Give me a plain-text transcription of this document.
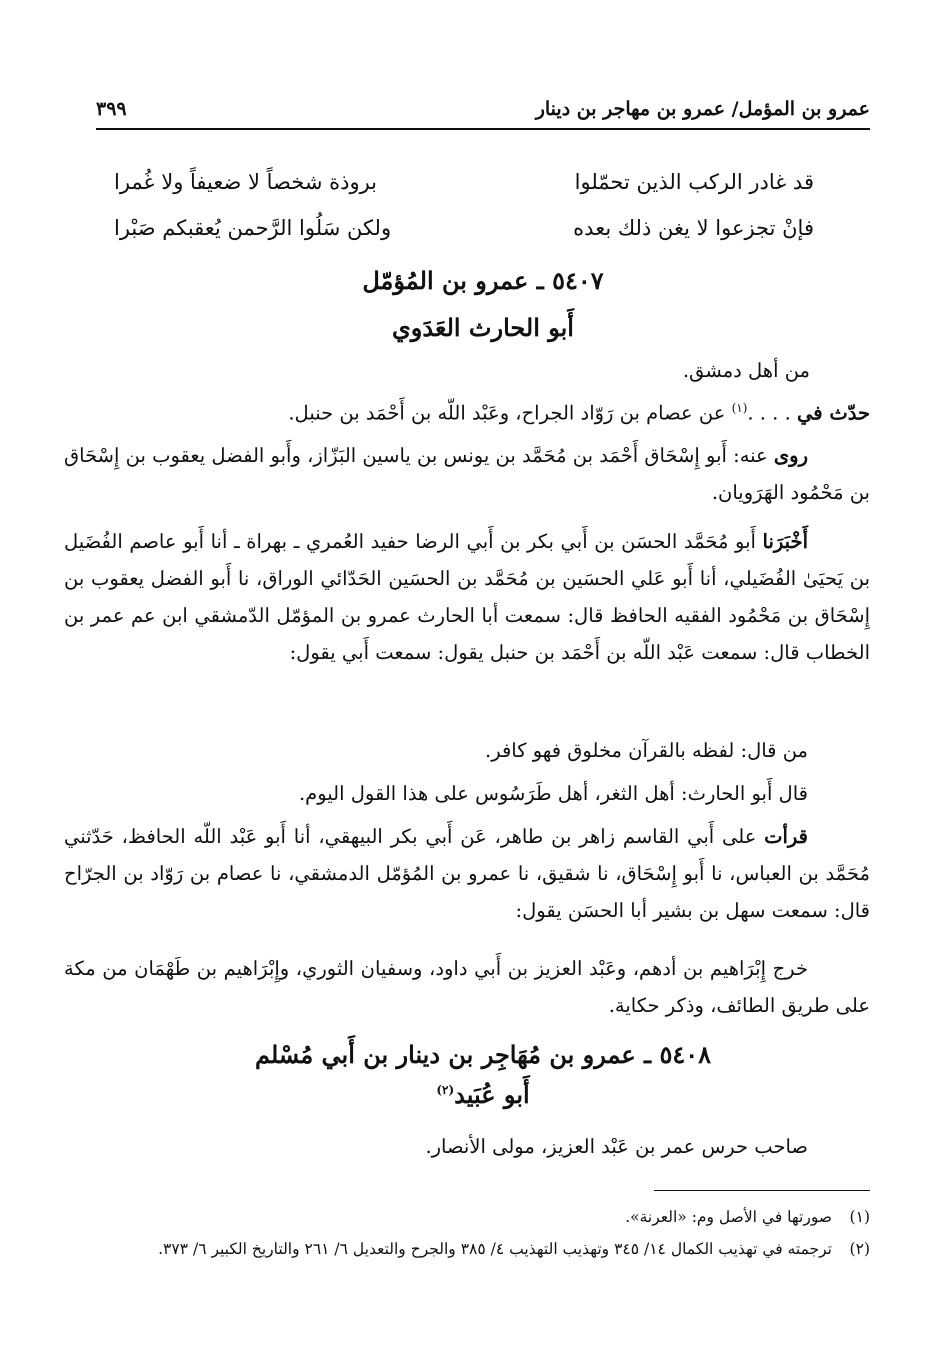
عمرو بن المؤمل/ عمرو بن مهاجر بن دينار
٣٩٩
قد غادر الركب الذين تحمّلوا
بروذة شخصاً لا ضعيفاً ولا غُمرا
فإنْ تجزعوا لا يغن ذلك بعده
ولكن سَلُوا الرَّحمن يُعقبكم صَبْرا
٥٤٠٧ ـ عمرو بن المُؤمّل
أَبو الحارث العَدَوي
من أهل دمشق.
حدّث في . . . .$^{(١)}$ عن عصام بن رَوّاد الجراح، وعَبْد اللّه بن أَحْمَد بن حنبل.
روى عنه: أَبو إِسْحَاق أَحْمَد بن مُحَمَّد بن يونس بن ياسين البَزّاز، وأَبو الفضل يعقوب بن إِسْحَاق بن مَحْمُود الهَرَويان.
أَخْبَرَنا أَبو مُحَمَّد الحسَن بن أَبي بكر بن أَبي الرضا حفيد العُمري ـ بهراة ـ أنا أَبو عاصم الفُضَيل بن يَحيَىٰ الفُضَيلي، أنا أَبو عَلي الحسَين بن مُحَمَّد بن الحسَين الحَدّائي الوراق، نا أَبو الفضل يعقوب بن إِسْحَاق بن مَحْمُود الفقيه الحافظ قال: سمعت أبا الحارث عمرو بن المؤمّل الدّمشقي ابن عم عمر بن الخطاب قال: سمعت عَبْد اللّه بن أَحْمَد بن حنبل يقول: سمعت أَبي يقول:
من قال: لفظه بالقرآن مخلوق فهو كافر.
قال أَبو الحارث: أهل الثغر، أهل طَرَسُوس على هذا القول اليوم.
قرأت على أَبي القاسم زاهر بن طاهر، عَن أَبي بكر البيهقي، أنا أَبو عَبْد اللّه الحافظ، حَدّثني مُحَمَّد بن العباس، نا أَبو إِسْحَاق، نا شقيق، نا عمرو بن المُؤمّل الدمشقي، نا عصام بن رَوّاد بن الجرّاح قال: سمعت سهل بن بشير أبا الحسَن يقول:
خرج إِبْرَاهيم بن أدهم، وعَبْد العزيز بن أَبي داود، وسفيان الثوري، وإِبْرَاهيم بن طَهْمَان من مكة على طريق الطائف، وذكر حكاية.
٥٤٠٨ ـ عمرو بن مُهَاجِر بن دينار بن أَبي مُسْلم
أَبو عُبَيد$^{(٢)}$
صاحب حرس عمر بن عَبْد العزيز، مولى الأنصار.
(١)صورتها في الأصل وم: «العرنة».
(٢)ترجمته في تهذيب الكمال ١٤/ ٣٤٥ وتهذيب التهذيب ٤/ ٣٨٥ والجرح والتعديل ٦/ ٢٦١ والتاريخ الكبير ٦/ ٣٧٣.
